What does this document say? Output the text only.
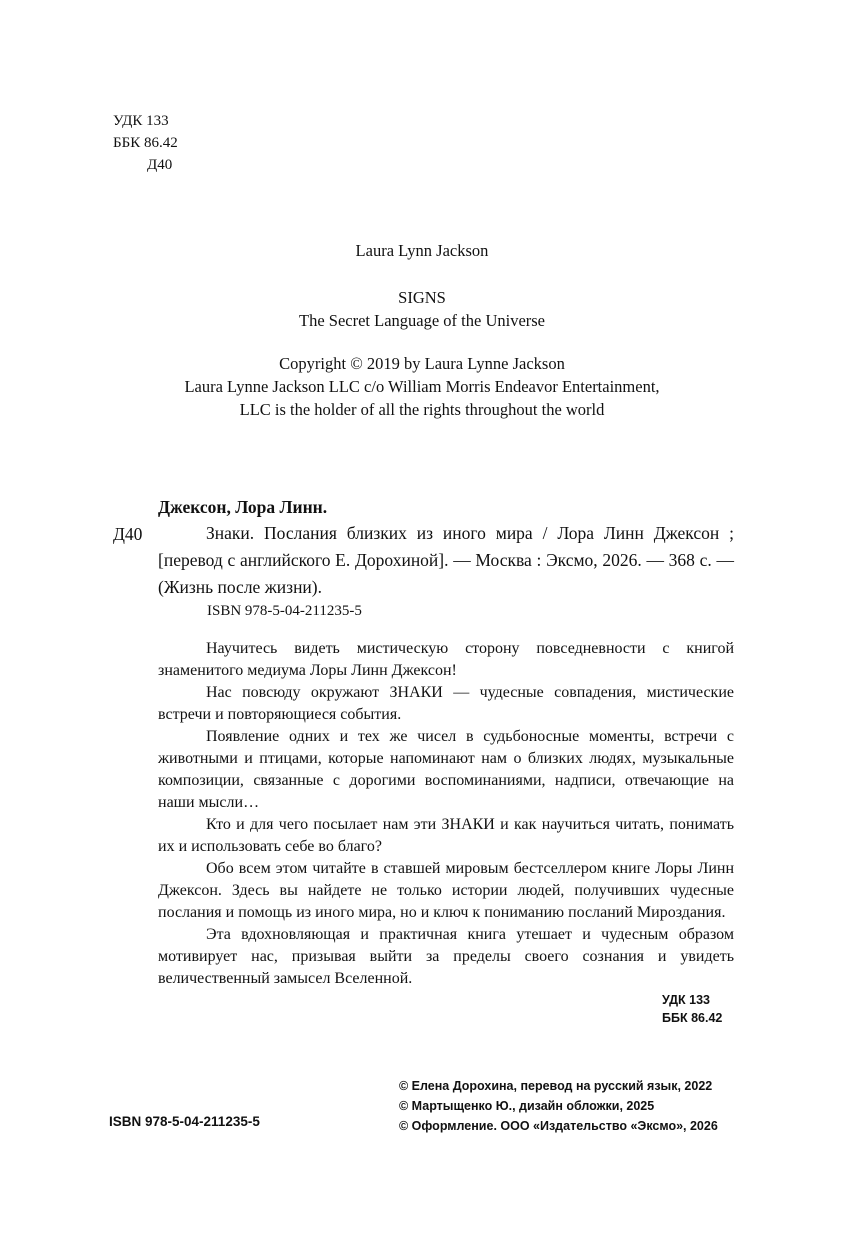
УДК 133
ББК 86.42
Д40
Laura Lynn Jackson
SIGNS
The Secret Language of the Universe
Copyright © 2019 by Laura Lynne Jackson
Laura Lynne Jackson LLC c/o William Morris Endeavor Entertainment,
LLC is the holder of all the rights throughout the world
Джексон, Лора Линн.
Д40	Знаки. Послания близких из иного мира / Лора Линн Джексон ; [перевод с английского Е. Дорохиной]. — Москва : Эксмо, 2026. — 368 с. — (Жизнь после жизни).
ISBN 978-5-04-211235-5

Научитесь видеть мистическую сторону повседневности с книгой знаменитого медиума Лоры Линн Джексон!

Нас повсюду окружают ЗНАКИ — чудесные совпадения, мистические встречи и повторяющиеся события.

Появление одних и тех же чисел в судьбоносные моменты, встречи с животными и птицами, которые напоминают нам о близких людях, музыкальные композиции, связанные с дорогими воспоминаниями, надписи, отвечающие на наши мысли…

Кто и для чего посылает нам эти ЗНАКИ и как научиться читать, понимать их и использовать себе во благо?

Обо всем этом читайте в ставшей мировым бестселлером книге Лоры Линн Джексон. Здесь вы найдете не только истории людей, получивших чудесные послания и помощь из иного мира, но и ключ к пониманию посланий Мироздания.

Эта вдохновляющая и практичная книга утешает и чудесным образом мотивирует нас, призывая выйти за пределы своего сознания и увидеть величественный замысел Вселенной.

УДК 133
ББК 86.42
© Елена Дорохина, перевод на русский язык, 2022
© Мартыщенко Ю., дизайн обложки, 2025
© Оформление. ООО «Издательство «Эксмо», 2026
ISBN 978-5-04-211235-5
